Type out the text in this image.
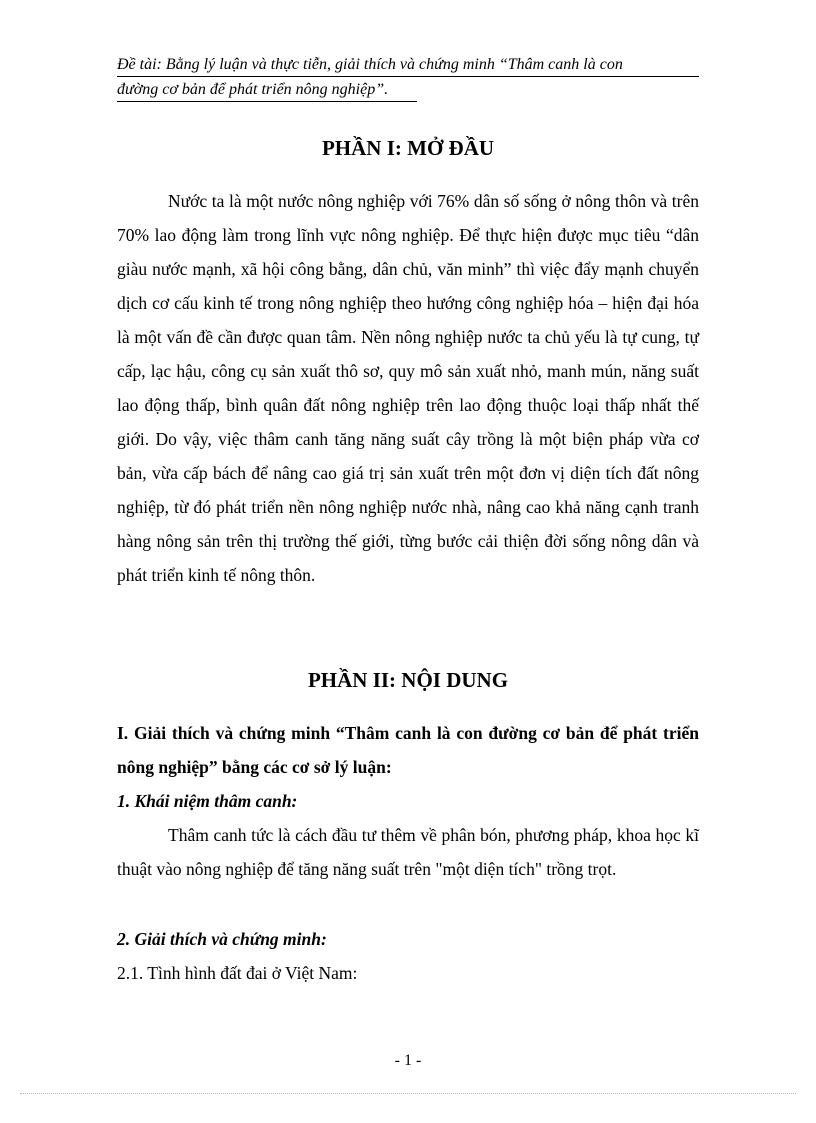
Đề tài: Bằng lý luận và thực tiễn, giải thích và chứng minh “Thâm canh là con
đường cơ bản để phát triển nông nghiệp”.
PHẦN I: MỞ ĐẦU
Nước ta là một nước nông nghiệp với 76% dân số sống ở nông thôn và trên 70% lao động làm trong lĩnh vực nông nghiệp. Để thực hiện được mục tiêu “dân giàu nước mạnh, xã hội công bằng, dân chủ, văn minh” thì việc đẩy mạnh chuyển dịch cơ cấu kinh tế trong nông nghiệp theo hướng công nghiệp hóa – hiện đại hóa là một vấn đề cần được quan tâm. Nền nông nghiệp nước ta chủ yếu là tự cung, tự cấp, lạc hậu, công cụ sản xuất thô sơ, quy mô sản xuất nhỏ, manh mún, năng suất lao động thấp, bình quân đất nông nghiệp trên lao động thuộc loại thấp nhất thế giới. Do vậy, việc thâm canh tăng năng suất cây trồng là một biện pháp vừa cơ bản, vừa cấp bách để nâng cao giá trị sản xuất trên một đơn vị diện tích đất nông nghiệp, từ đó phát triển nền nông nghiệp nước nhà, nâng cao khả năng cạnh tranh hàng nông sản trên thị trường thế giới, từng bước cải thiện đời sống nông dân và phát triển kinh tế nông thôn.
PHẦN II: NỘI DUNG
I. Giải thích và chứng minh “Thâm canh là con đường cơ bản để phát triển nông nghiệp” bằng các cơ sở lý luận:
1. Khái niệm thâm canh:
Thâm canh tức là cách đầu tư thêm về phân bón, phương pháp, khoa học kĩ thuật vào nông nghiệp để tăng năng suất trên "một diện tích" trồng trọt.
2. Giải thích và chứng minh:
2.1. Tình hình đất đai ở Việt Nam:
- 1 -
